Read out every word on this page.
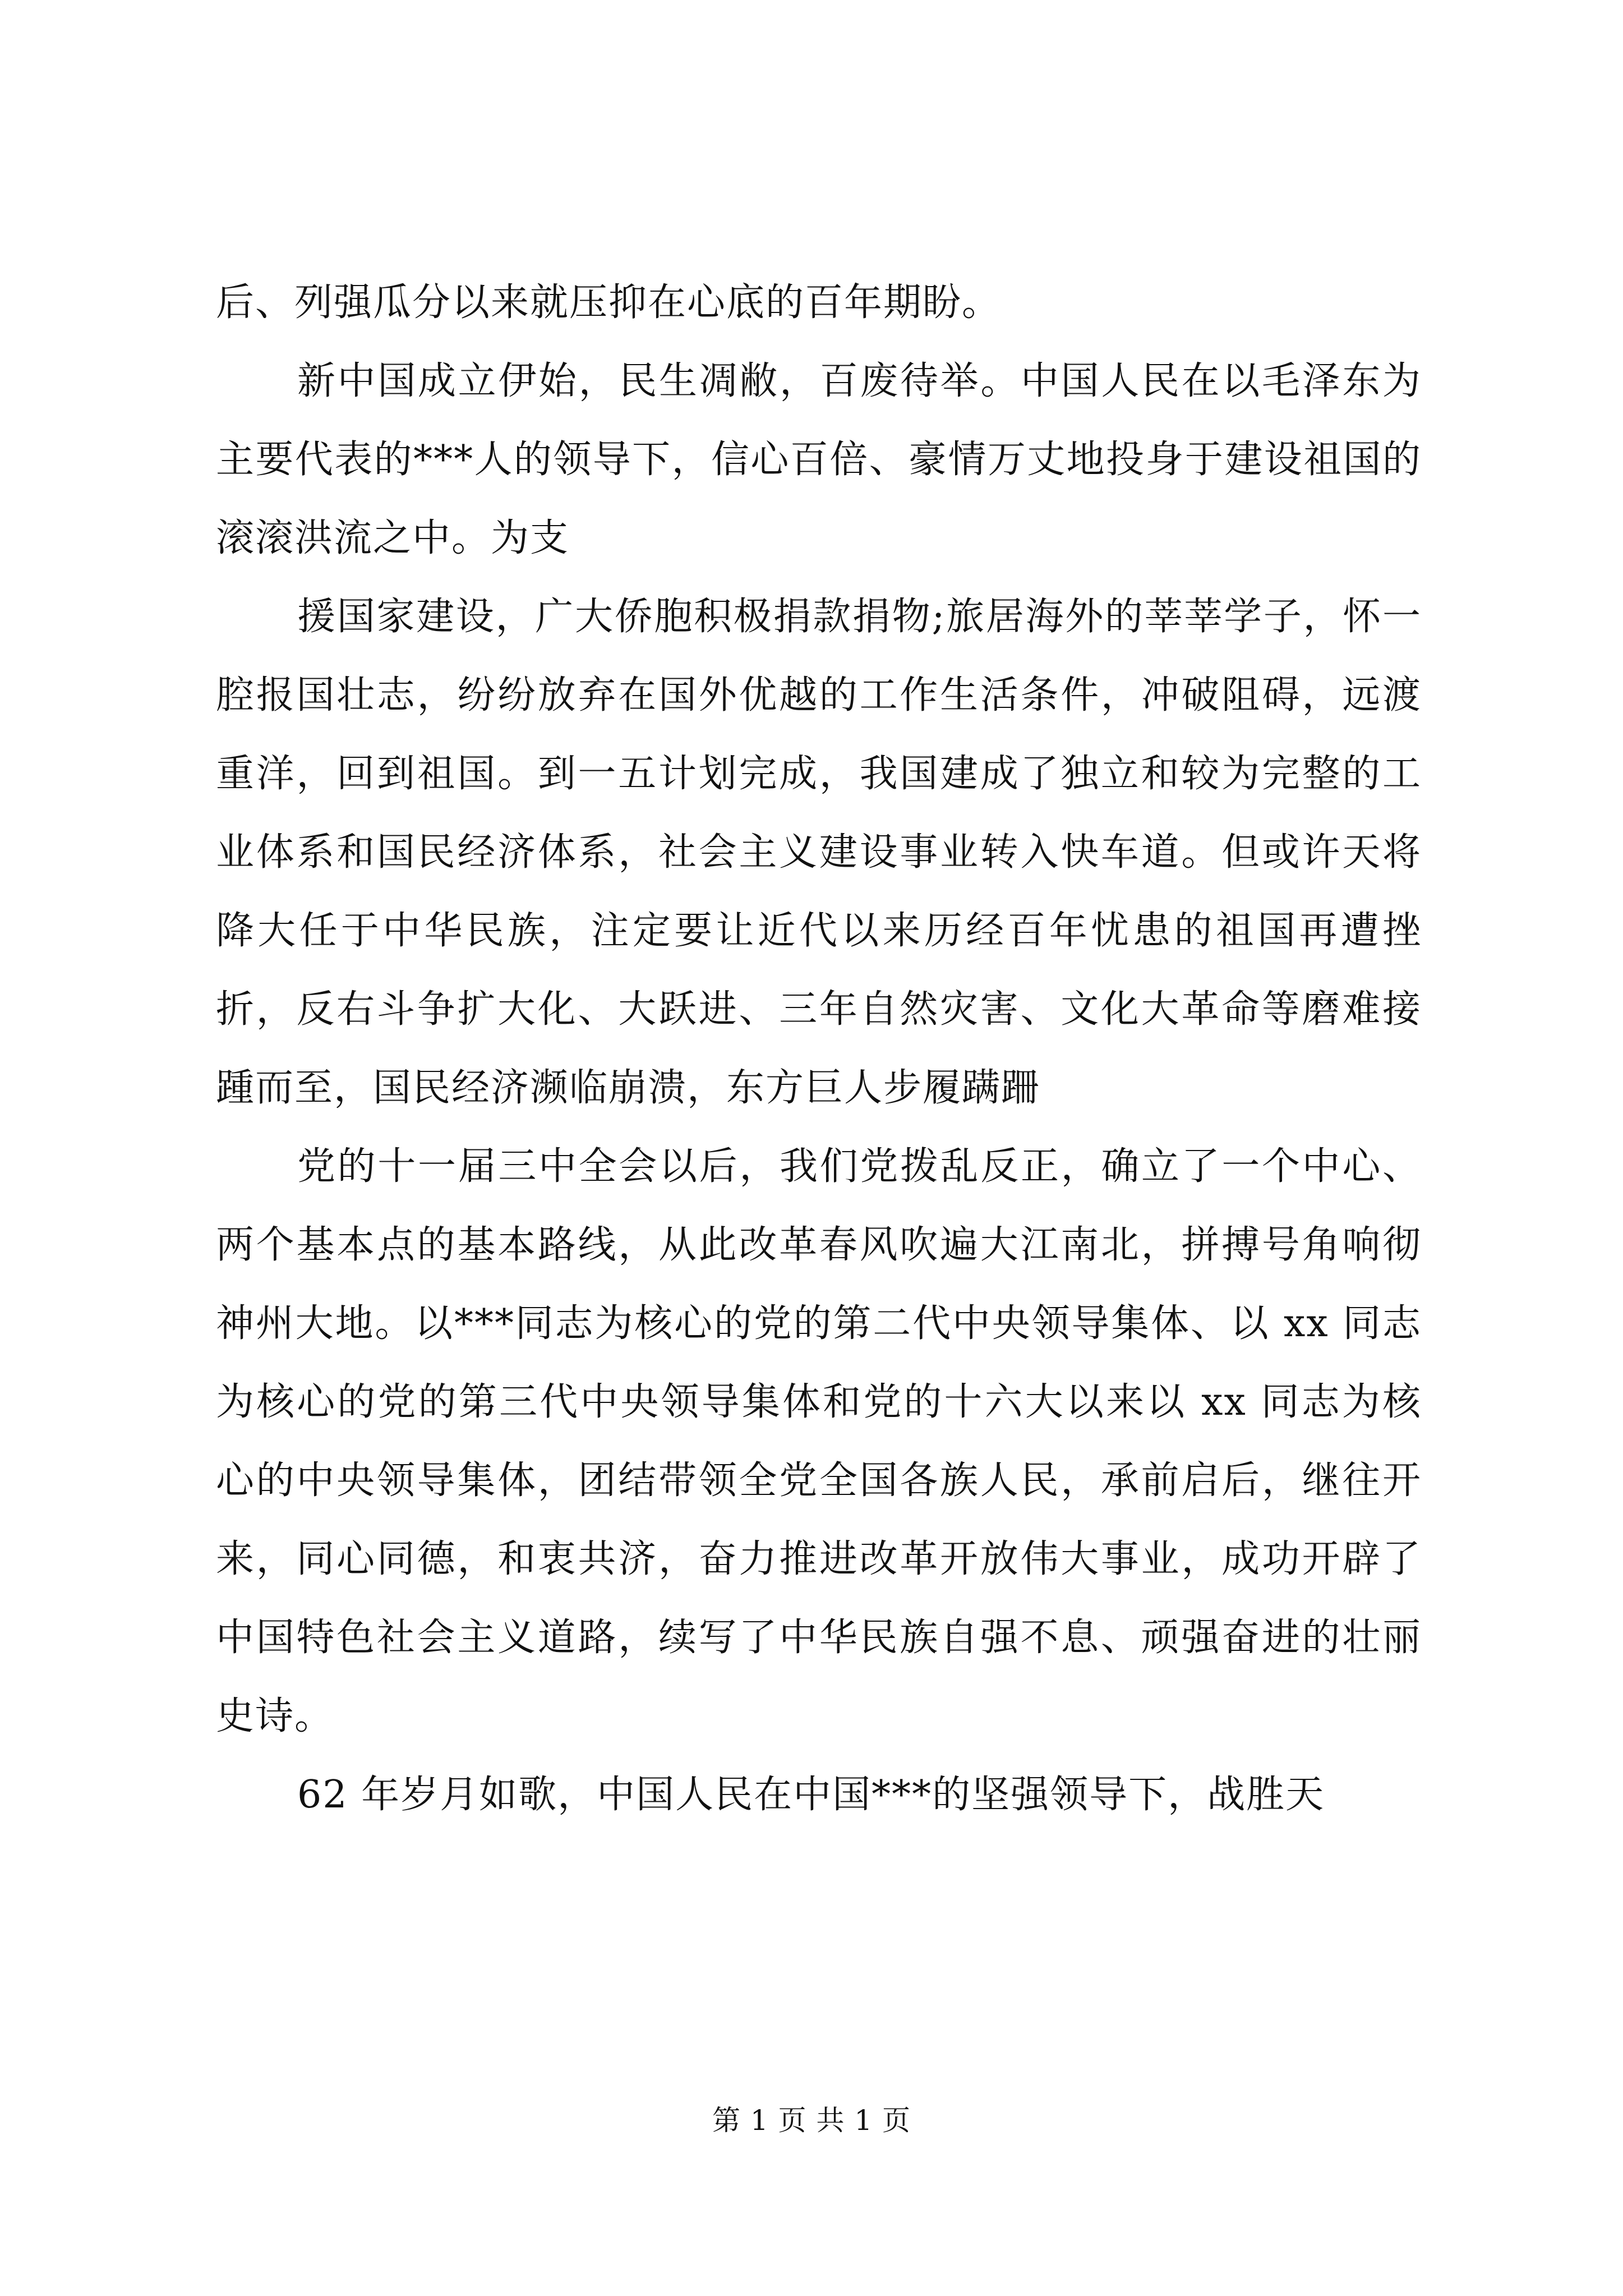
后、列强瓜分以来就压抑在心底的百年期盼。

新中国成立伊始，民生凋敝，百废待举。中国人民在以毛泽东为主要代表的***人的领导下，信心百倍、豪情万丈地投身于建设祖国的滚滚洪流之中。为支

援国家建设，广大侨胞积极捐款捐物;旅居海外的莘莘学子，怀一腔报国壮志，纷纷放弃在国外优越的工作生活条件，冲破阻碍，远渡重洋，回到祖国。到一五计划完成，我国建成了独立和较为完整的工业体系和国民经济体系，社会主义建设事业转入快车道。但或许天将降大任于中华民族，注定要让近代以来历经百年忧患的祖国再遭挫折，反右斗争扩大化、大跃进、三年自然灾害、文化大革命等磨难接踵而至，国民经济濒临崩溃，东方巨人步履蹒跚

党的十一届三中全会以后，我们党拨乱反正，确立了一个中心、两个基本点的基本路线，从此改革春风吹遍大江南北，拼搏号角响彻神州大地。以***同志为核心的党的第二代中央领导集体、以 xx 同志为核心的党的第三代中央领导集体和党的十六大以来以 xx 同志为核心的中央领导集体，团结带领全党全国各族人民，承前启后，继往开来，同心同德，和衷共济，奋力推进改革开放伟大事业，成功开辟了中国特色社会主义道路，续写了中华民族自强不息、顽强奋进的壮丽史诗。

62 年岁月如歌，中国人民在中国***的坚强领导下，战胜天

第 1 页 共 1 页
